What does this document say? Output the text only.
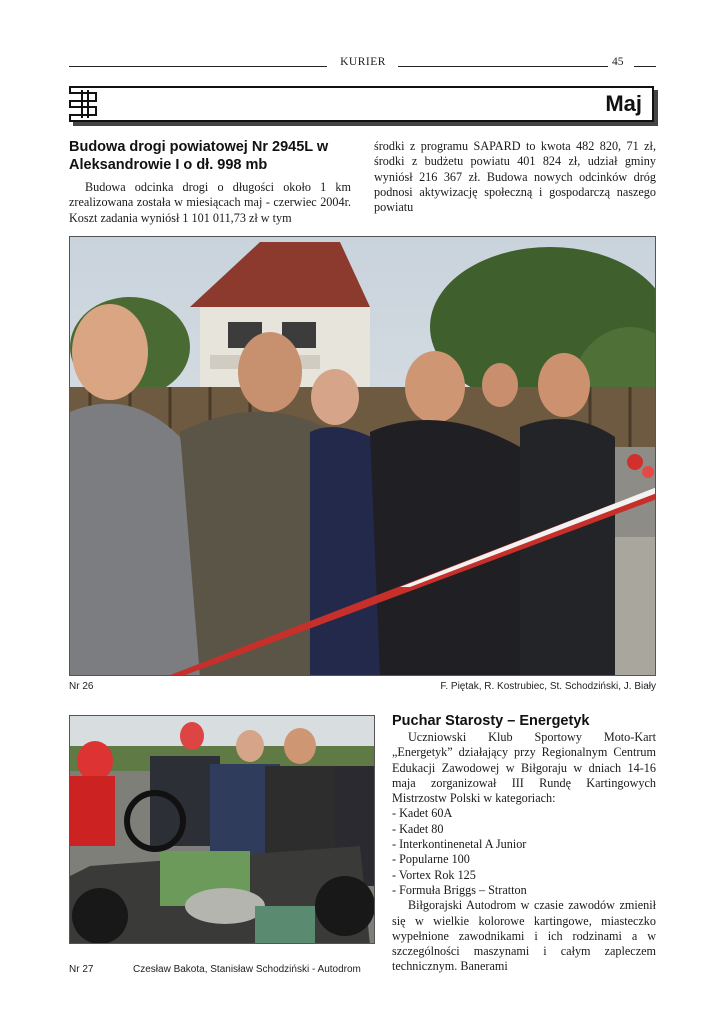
KURIER	45
Maj
Budowa drogi powiatowej Nr 2945L w Aleksandrowie I o dł. 998 mb
Budowa odcinka drogi o długości około 1 km zrealizowana została w miesiącach maj - czerwiec 2004r. Koszt zadania wyniósł 1 101 011,73 zł w tym
środki z programu SAPARD to kwota 482 820, 71 zł, środki z budżetu powiatu 401 824 zł, udział gminy wyniósł 216 367 zł. Budowa nowych odcinków dróg podnosi aktywizację społeczną i gospodarczą naszego powiatu
Nr 26	F. Piętak, R. Kostrubiec, St. Schodziński, J. Biały
Nr 27	Czesław Bakota, Stanisław Schodziński - Autodrom
Puchar Starosty – Energetyk
Uczniowski Klub Sportowy Moto-Kart „Energetyk” działający przy Regionalnym Centrum Edukacji Zawodowej w Biłgoraju w dniach 14-16 maja zorganizował III Rundę Kartingowych Mistrzostw Polski w kategoriach:
- Kadet 60A
- Kadet 80
- Interkontinenetal A Junior
- Popularne 100
- Vortex Rok 125
- Formuła Briggs – Stratton
Biłgorajski Autodrom w czasie zawodów zmienił się w wielkie kolorowe kartingowe, miasteczko wypełnione zawodnikami i ich rodzinami a w szczególności maszynami i całym zapleczem technicznym. Banerami
